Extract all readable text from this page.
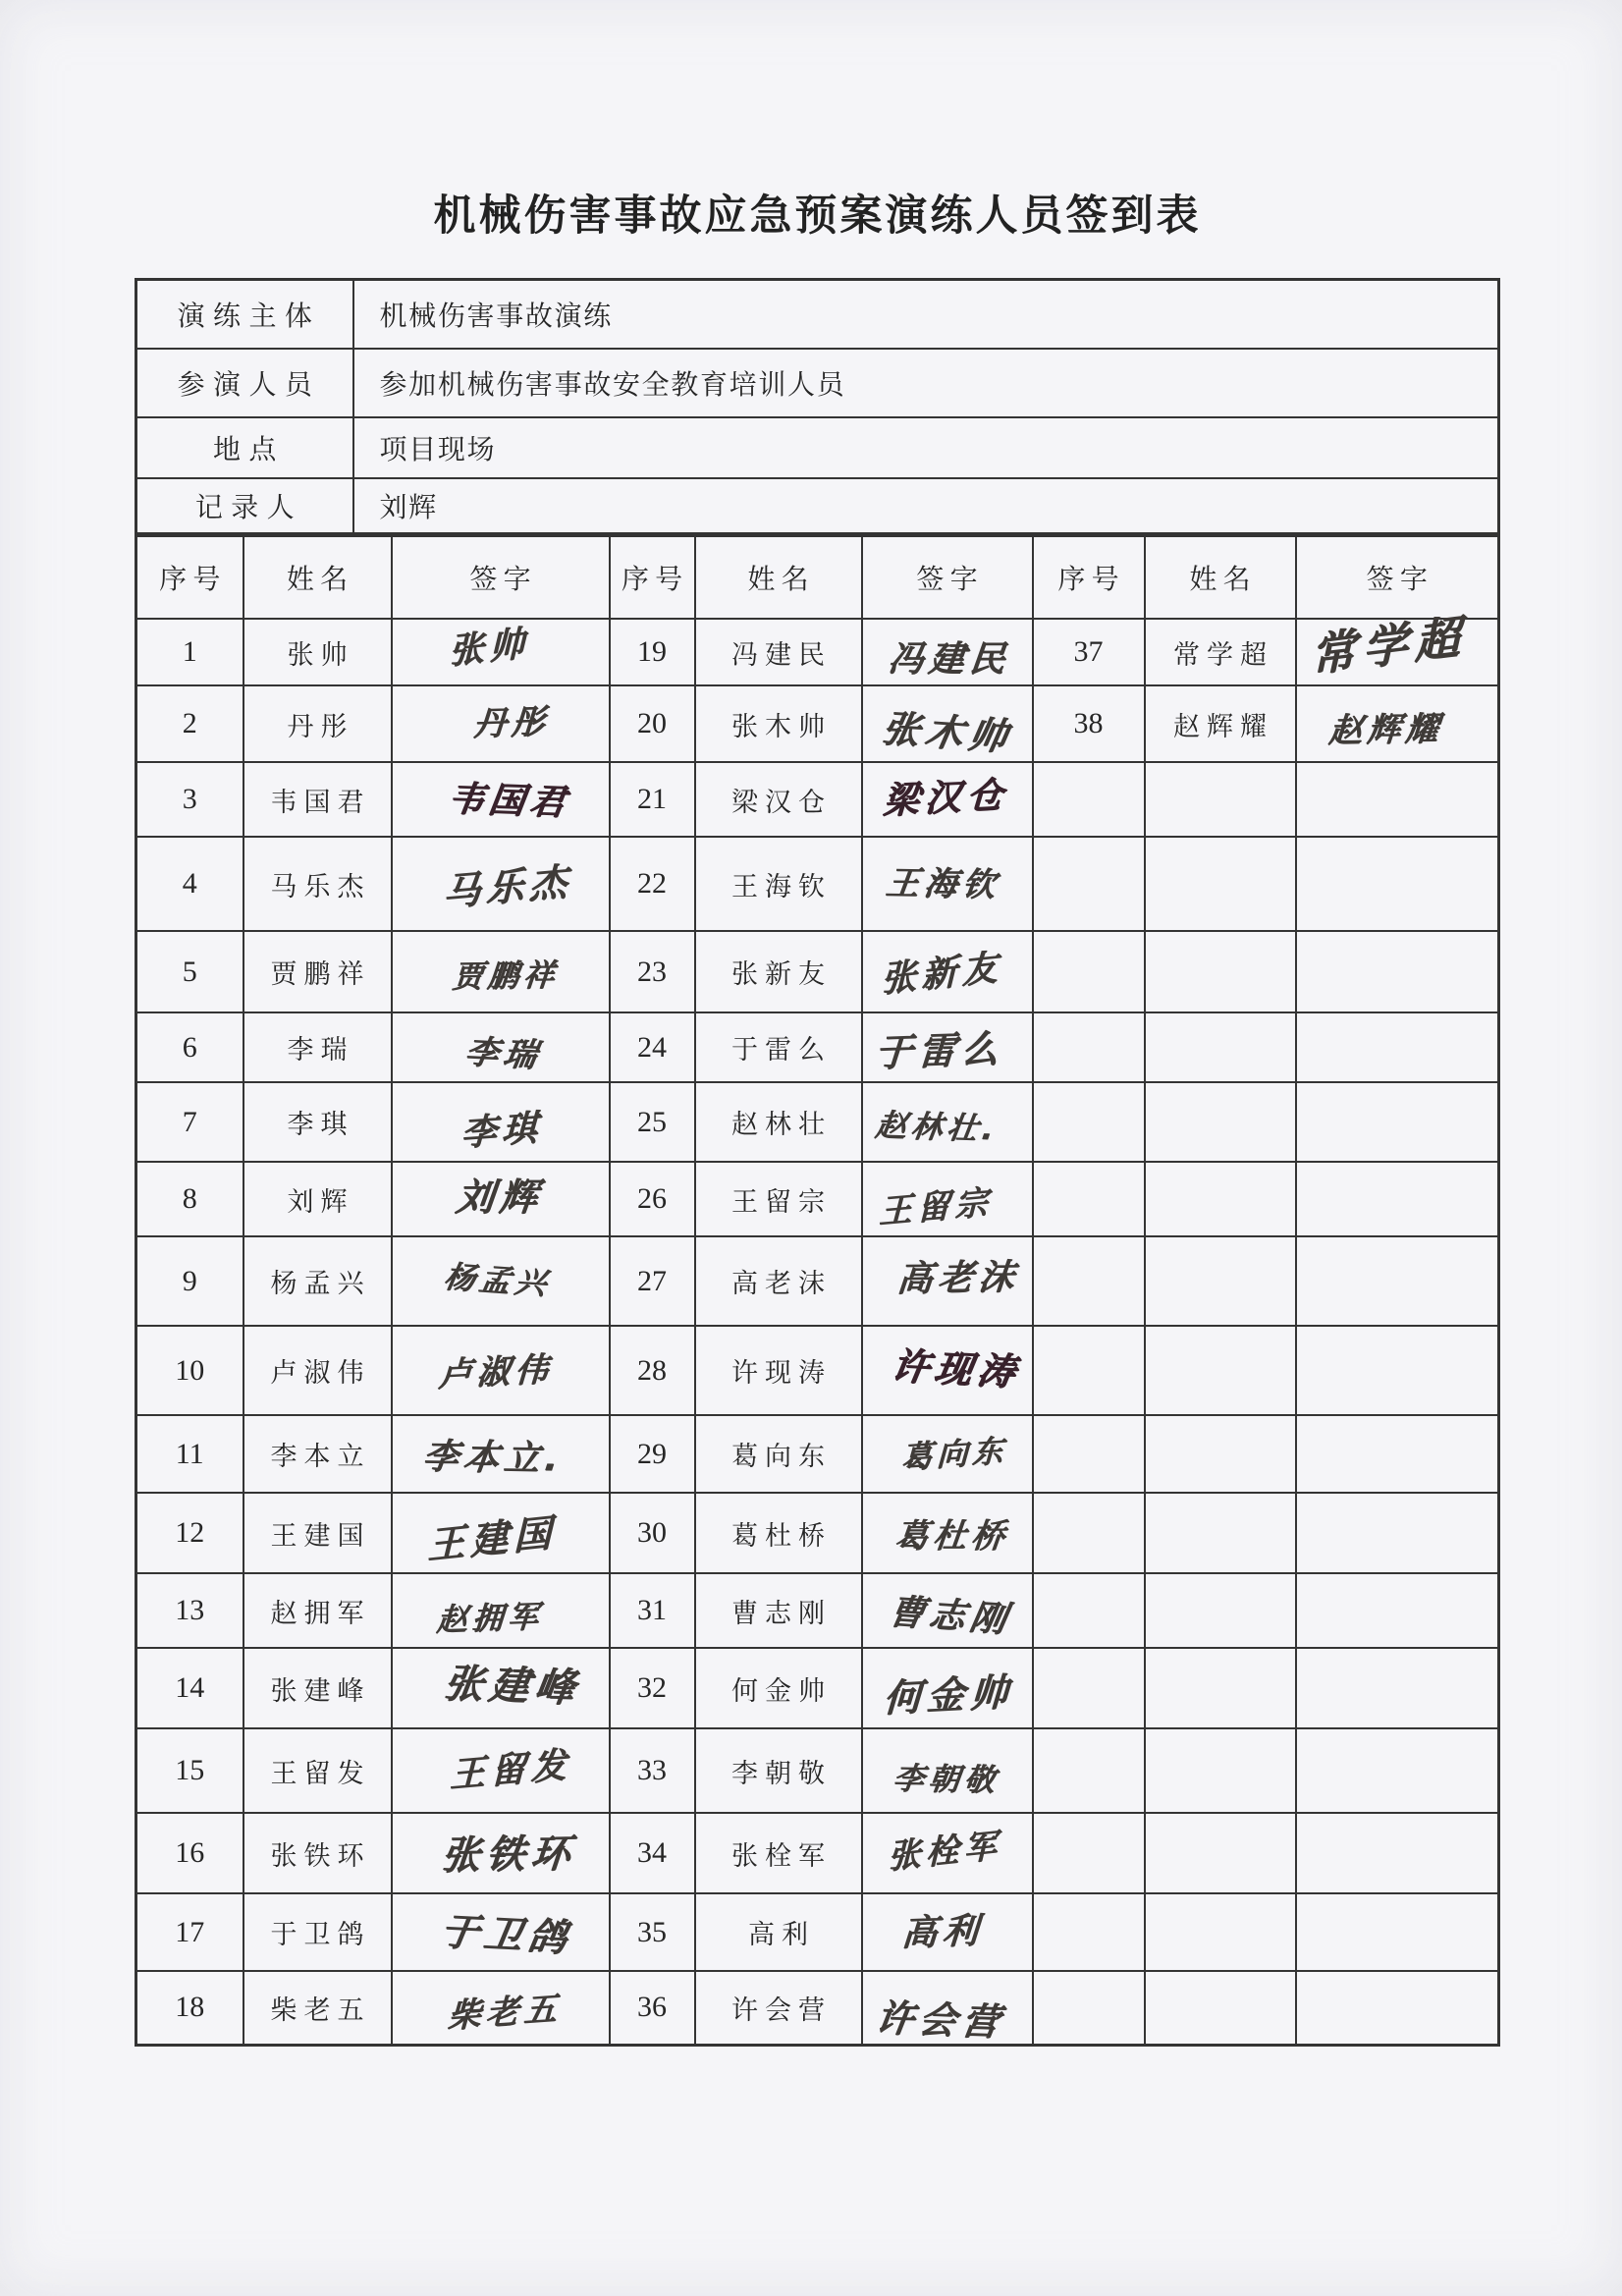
机械伤害事故应急预案演练人员签到表
演练主体	机械伤害事故演练
参演人员	参加机械伤害事故安全教育培训人员
地点	项目现场
记录人	刘辉
序号	姓名	签字	序号	姓名	签字	序号	姓名	签字
1	张帅	张帅	19	冯建民	冯建民	37	常学超	常学超
2	丹彤	丹彤	20	张木帅	张木帅	38	赵辉耀	赵辉耀
3	韦国君	韦国君	21	梁汉仓	梁汉仓			
4	马乐杰	马乐杰	22	王海钦	王海钦			
5	贾鹏祥	贾鹏祥	23	张新友	张新友			
6	李瑞	李瑞	24	于雷么	于雷么			
7	李琪	李琪	25	赵林壮	赵林壮.			
8	刘辉	刘辉	26	王留宗	王留宗			
9	杨孟兴	杨孟兴	27	高老沫	高老沫			
10	卢淑伟	卢淑伟	28	许现涛	许现涛			
11	李本立	李本立.	29	葛向东	葛向东			
12	王建国	王建国	30	葛杜桥	葛杜桥			
13	赵拥军	赵拥军	31	曹志刚	曹志刚			
14	张建峰	张建峰	32	何金帅	何金帅			
15	王留发	王留发	33	李朝敬	李朝敬			
16	张铁环	张铁环	34	张栓军	张栓军			
17	于卫鸽	于卫鸽	35	高利	高利			
18	柴老五	柴老五	36	许会营	许会营			
